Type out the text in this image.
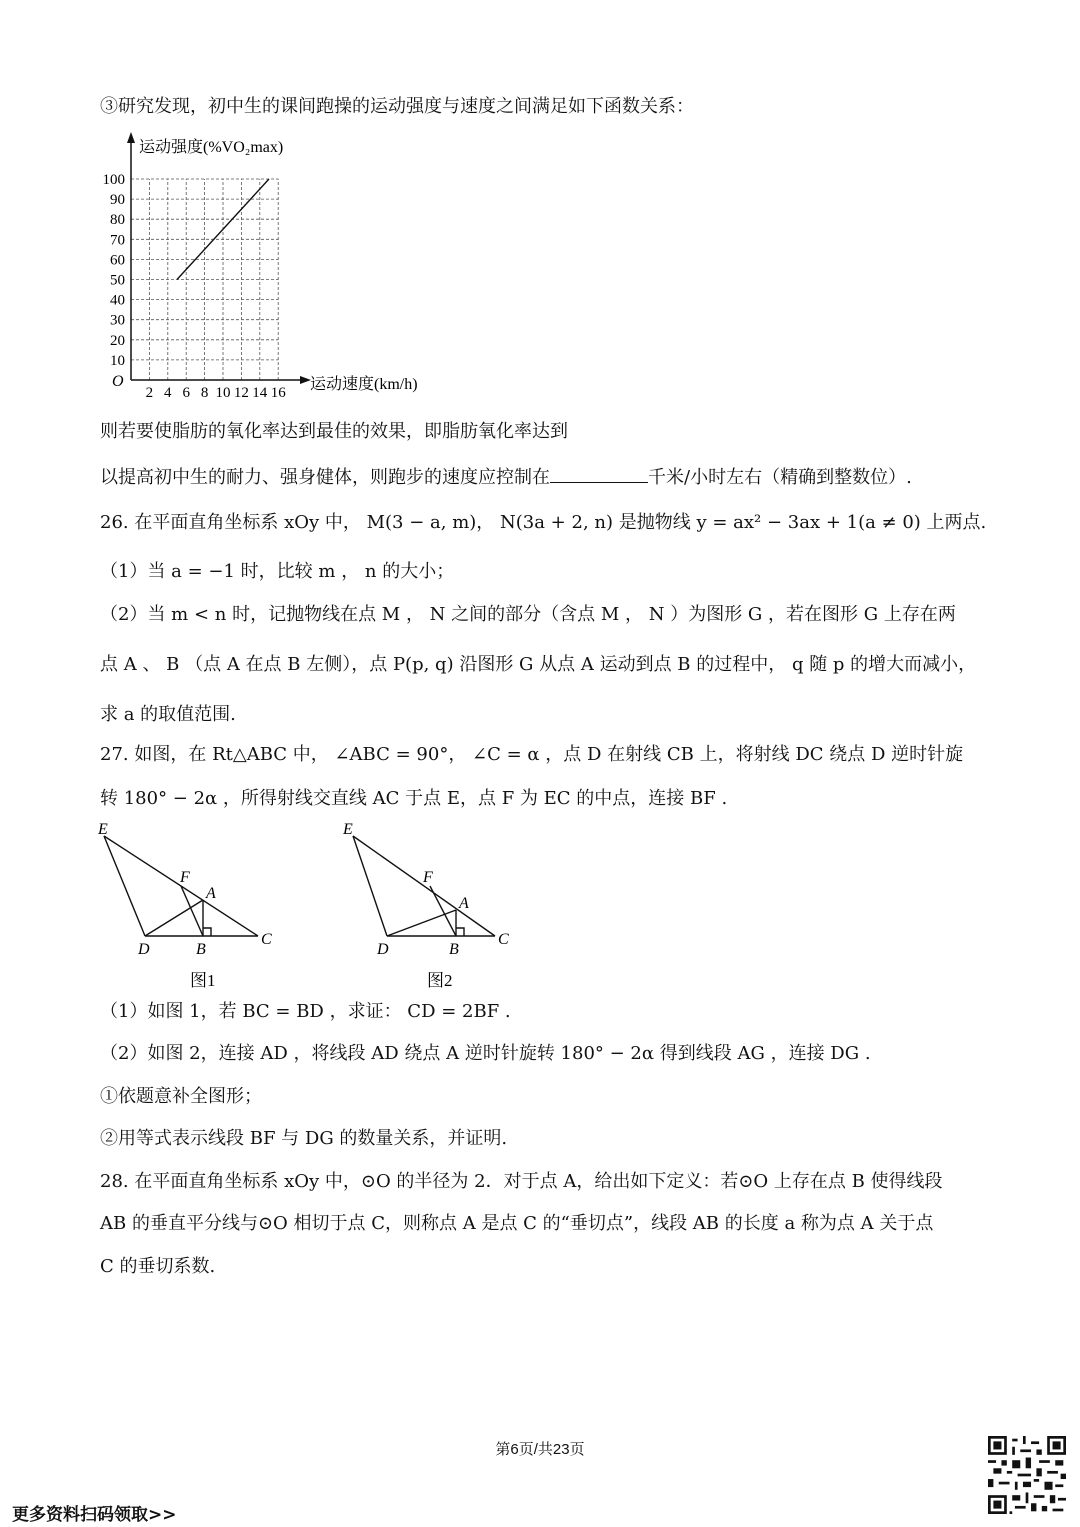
③研究发现，初中生的课间跑操的运动强度与速度之间满足如下函数关系：
100
90
80
70
60
50
40
30
20
10
2 4 6 8 10 12 14 16
运动强度(%VO₂max)
运动速度(km/h)
O
则若要使脂肪的氧化率达到最佳的效果，即脂肪氧化率达到
以提高初中生的耐力、强身健体，则跑步的速度应控制在	千米/小时左右（精确到整数位）.
26. 在平面直角坐标系 xOy 中， M(3 − a, m)， N(3a + 2, n) 是抛物线 y = ax² − 3ax + 1(a ≠ 0) 上两点.
（1）当 a = −1 时，比较 m ， n 的大小；
（2）当 m < n 时，记抛物线在点 M ， N 之间的部分（含点 M ， N ）为图形 G ，若在图形 G 上存在两
点 A 、 B （点 A 在点 B 左侧），点 P(p, q) 沿图形 G 从点 A 运动到点 B 的过程中， q 随 p 的增大而减小，
求 a 的取值范围.
27. 如图，在 Rt△ABC 中， ∠ABC = 90°， ∠C = α ，点 D 在射线 CB 上，将射线 DC 绕点 D 逆时针旋
转 180° − 2α ，所得射线交直线 AC 于点 E，点 F 为 EC 的中点，连接 BF .
E
F
A
D	B
C
图1
E
F
A
D	B
C
图2
（1）如图 1，若 BC = BD ，求证： CD = 2BF .
（2）如图 2，连接 AD ，将线段 AD 绕点 A 逆时针旋转 180° − 2α 得到线段 AG ，连接 DG .
①依题意补全图形；
②用等式表示线段 BF 与 DG 的数量关系，并证明.
28. 在平面直角坐标系 xOy 中，⊙O 的半径为 2．对于点 A，给出如下定义：若⊙O 上存在点 B 使得线段
AB 的垂直平分线与⊙O 相切于点 C，则称点 A 是点 C 的“垂切点”，线段 AB 的长度 a 称为点 A 关于点
C 的垂切系数.
第6页/共23页
更多资料扫码领取>>
